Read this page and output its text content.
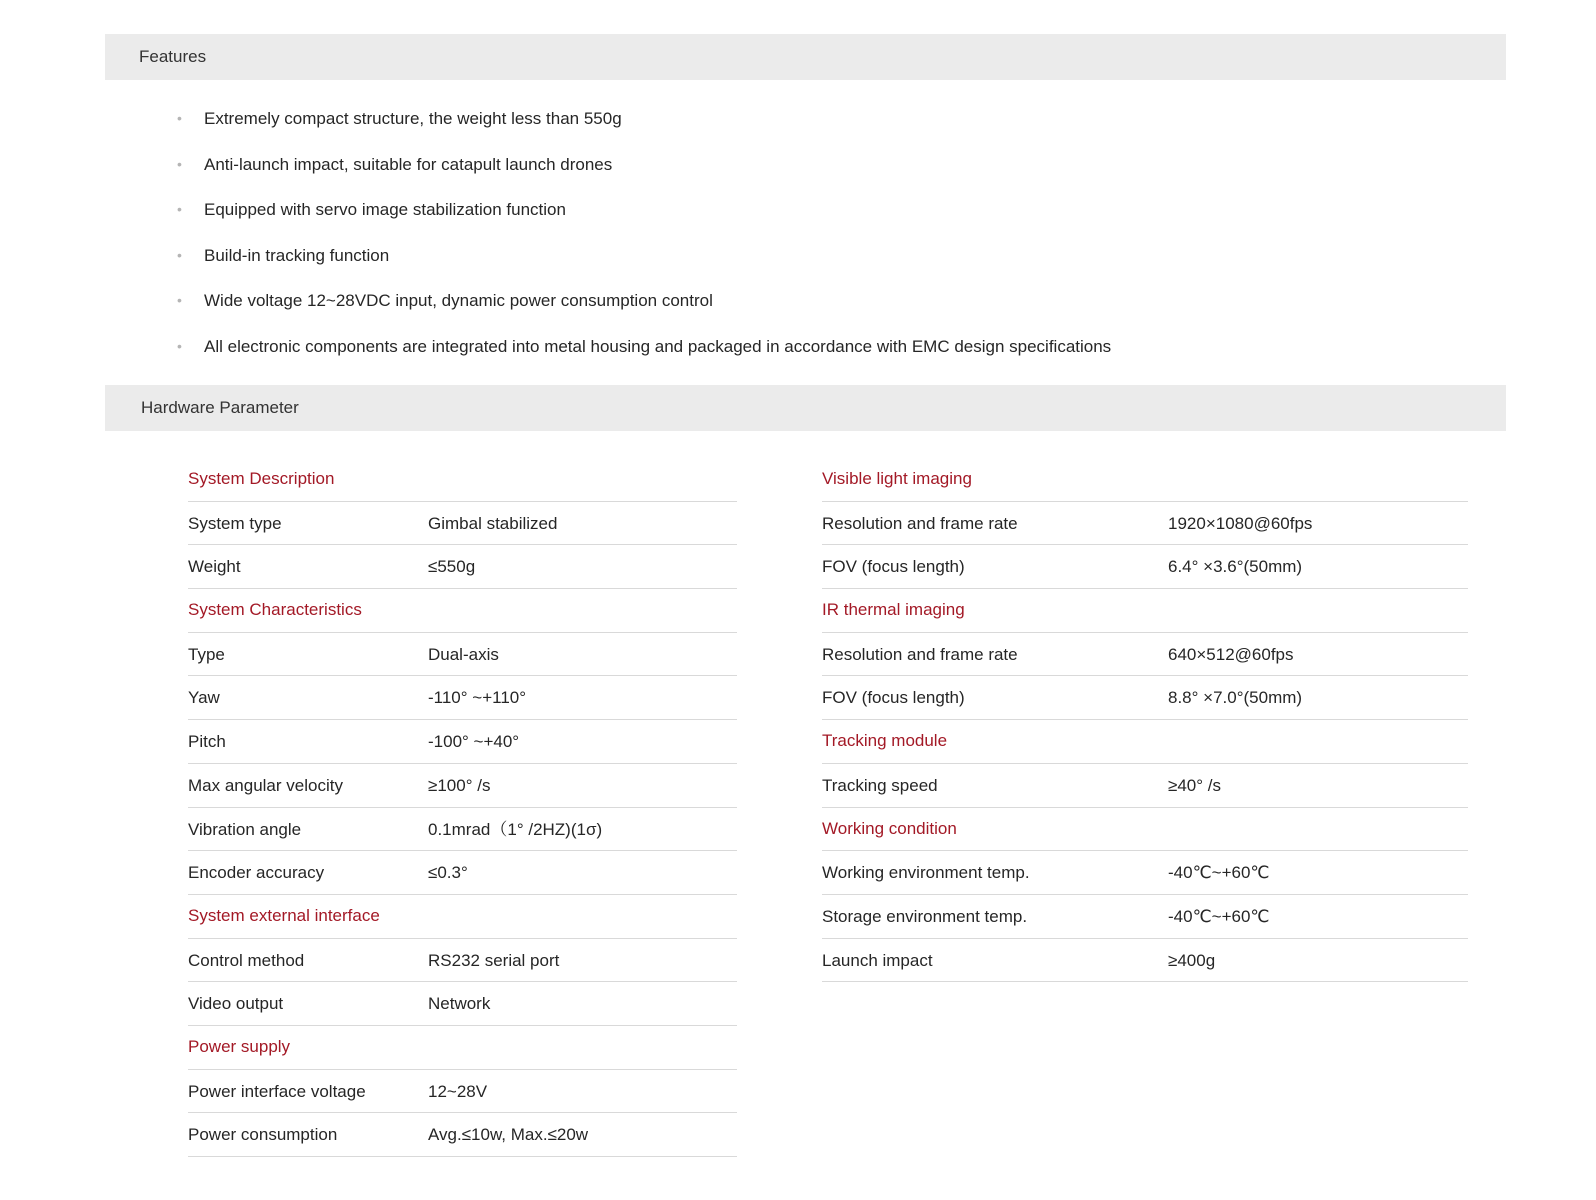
Features
• Extremely compact structure, the weight less than 550g
• Anti-launch impact, suitable for catapult launch drones
• Equipped with servo image stabilization function
• Build-in tracking function
• Wide voltage 12~28VDC input, dynamic power consumption control
• All electronic components are integrated into metal housing and packaged in accordance with EMC design specifications
Hardware Parameter
System Description
System type	Gimbal stabilized
Weight	≤550g
System Characteristics
Type	Dual-axis
Yaw	-110° ~+110°
Pitch	-100° ~+40°
Max angular velocity	≥100° /s
Vibration angle	0.1mrad（1° /2HZ)(1σ)
Encoder accuracy	≤0.3°
System external interface
Control method	RS232 serial port
Video output	Network
Power supply
Power interface voltage	12~28V
Power consumption	Avg.≤10w, Max.≤20w
Visible light imaging
Resolution and frame rate	1920×1080@60fps
FOV (focus length)	6.4° ×3.6°(50mm)
IR thermal imaging
Resolution and frame rate	640×512@60fps
FOV (focus length)	8.8° ×7.0°(50mm)
Tracking module
Tracking speed	≥40° /s
Working condition
Working environment temp.	-40℃~+60℃
Storage environment temp.	-40℃~+60℃
Launch impact	≥400g
